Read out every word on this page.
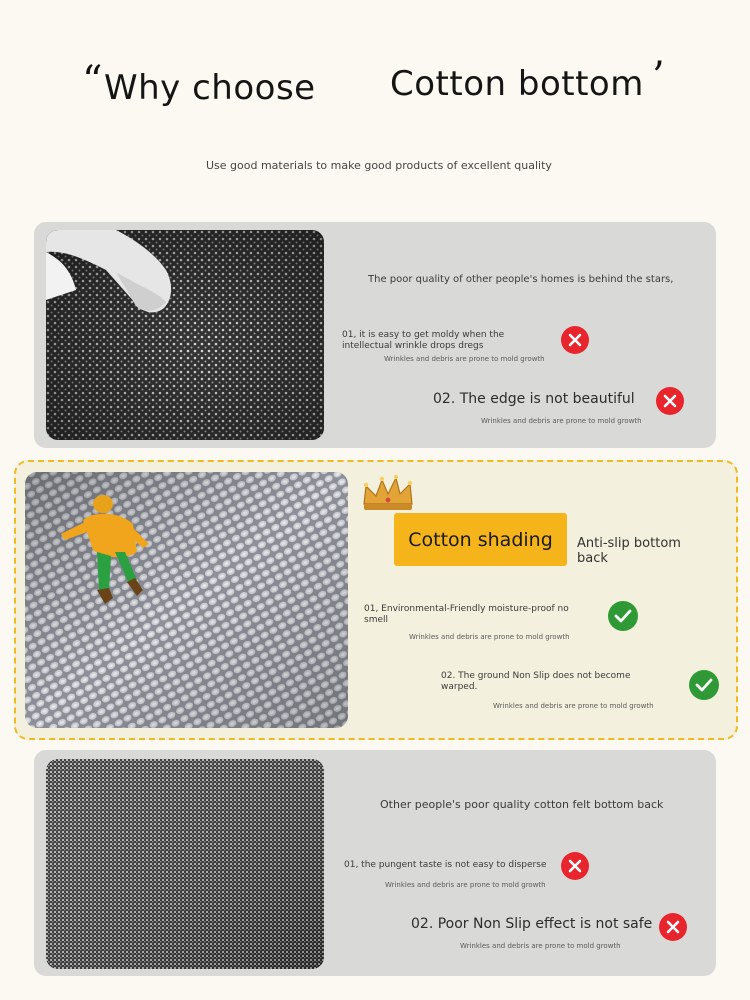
“ Why choose Cotton bottom ’
Use good materials to make good products of excellent quality
The poor quality of other people's homes is behind the stars,
01, it is easy to get moldy when the intellectual wrinkle drops dregs
Wrinkles and debris are prone to mold growth
02. The edge is not beautiful
Wrinkles and debris are prone to mold growth
Cotton shading	Anti-slip bottom back
01, Environmental-Friendly moisture-proof no smell
Wrinkles and debris are prone to mold growth
02. The ground Non Slip does not become warped.
Wrinkles and debris are prone to mold growth
Other people's poor quality cotton felt bottom back
01, the pungent taste is not easy to disperse
Wrinkles and debris are prone to mold growth
02. Poor Non Slip effect is not safe
Wrinkles and debris are prone to mold growth
